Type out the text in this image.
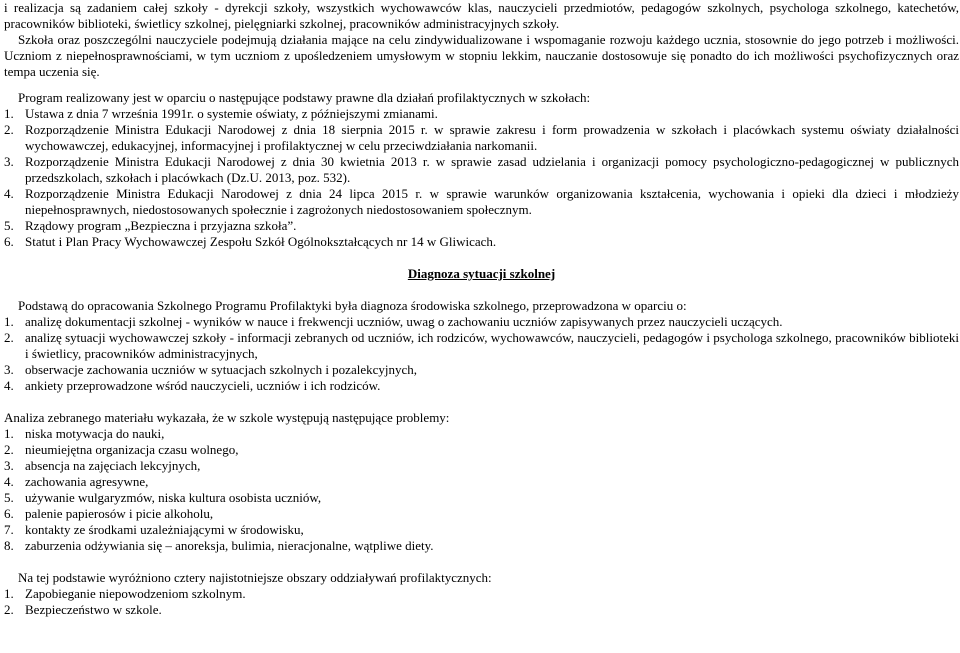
i realizacja są zadaniem całej szkoły - dyrekcji szkoły, wszystkich wychowawców klas, nauczycieli przedmiotów, pedagogów szkolnych, psychologa szkolnego, katechetów, pracowników biblioteki, świetlicy szkolnej, pielęgniarki szkolnej, pracowników administracyjnych szkoły.

Szkoła oraz poszczególni nauczyciele podejmują działania mające na celu zindywidualizowane i wspomaganie rozwoju każdego ucznia, stosownie do jego potrzeb i możliwości. Uczniom z niepełnosprawnościami, w tym uczniom z upośledzeniem umysłowym w stopniu lekkim, nauczanie dostosowuje się ponadto do ich możliwości psychofizycznych oraz tempa uczenia się.

Program realizowany jest w oparciu o następujące podstawy prawne dla działań profilaktycznych w szkołach:

1. Ustawa z dnia 7 września 1991r. o systemie oświaty, z późniejszymi zmianami.
2. Rozporządzenie Ministra Edukacji Narodowej z dnia 18 sierpnia 2015 r. w sprawie zakresu i form prowadzenia w szkołach i placówkach systemu oświaty działalności wychowawczej, edukacyjnej, informacyjnej i profilaktycznej w celu przeciwdziałania narkomanii.
3. Rozporządzenie Ministra Edukacji Narodowej z dnia 30 kwietnia 2013 r. w sprawie zasad udzielania i organizacji pomocy psychologiczno-pedagogicznej w publicznych przedszkolach, szkołach i placówkach (Dz.U. 2013, poz. 532).
4. Rozporządzenie Ministra Edukacji Narodowej z dnia 24 lipca 2015 r. w sprawie warunków organizowania kształcenia, wychowania i opieki dla dzieci i młodzieży niepełnosprawnych, niedostosowanych społecznie i zagrożonych niedostosowaniem społecznym.
5. Rządowy program „Bezpieczna i przyjazna szkoła”.
6. Statut i Plan Pracy Wychowawczej Zespołu Szkół Ogólnokształcących nr 14 w Gliwicach.

Diagnoza sytuacji szkolnej

Podstawą do opracowania Szkolnego Programu Profilaktyki była diagnoza środowiska szkolnego, przeprowadzona w oparciu o:

1. analizę dokumentacji szkolnej - wyników w nauce i frekwencji uczniów, uwag o zachowaniu uczniów zapisywanych przez nauczycieli uczących.
2. analizę sytuacji wychowawczej szkoły - informacji zebranych od uczniów, ich rodziców, wychowawców, nauczycieli, pedagogów i psychologa szkolnego, pracowników biblioteki i świetlicy, pracowników administracyjnych,
3. obserwacje zachowania uczniów w sytuacjach szkolnych i pozalekcyjnych,
4. ankiety przeprowadzone wśród nauczycieli, uczniów i ich rodziców.

Analiza zebranego materiału wykazała, że w szkole występują następujące problemy:

1. niska motywacja do nauki,
2. nieumiejętna organizacja czasu wolnego,
3. absencja na zajęciach lekcyjnych,
4. zachowania agresywne,
5. używanie wulgaryzmów, niska kultura osobista uczniów,
6. palenie papierosów i picie alkoholu,
7. kontakty ze środkami uzależniającymi w środowisku,
8. zaburzenia odżywiania się – anoreksja, bulimia, nieracjonalne, wątpliwe diety.

Na tej podstawie wyróżniono cztery najistotniejsze obszary oddziaływań profilaktycznych:

1. Zapobieganie niepowodzeniom szkolnym.
2. Bezpieczeństwo w szkole.
